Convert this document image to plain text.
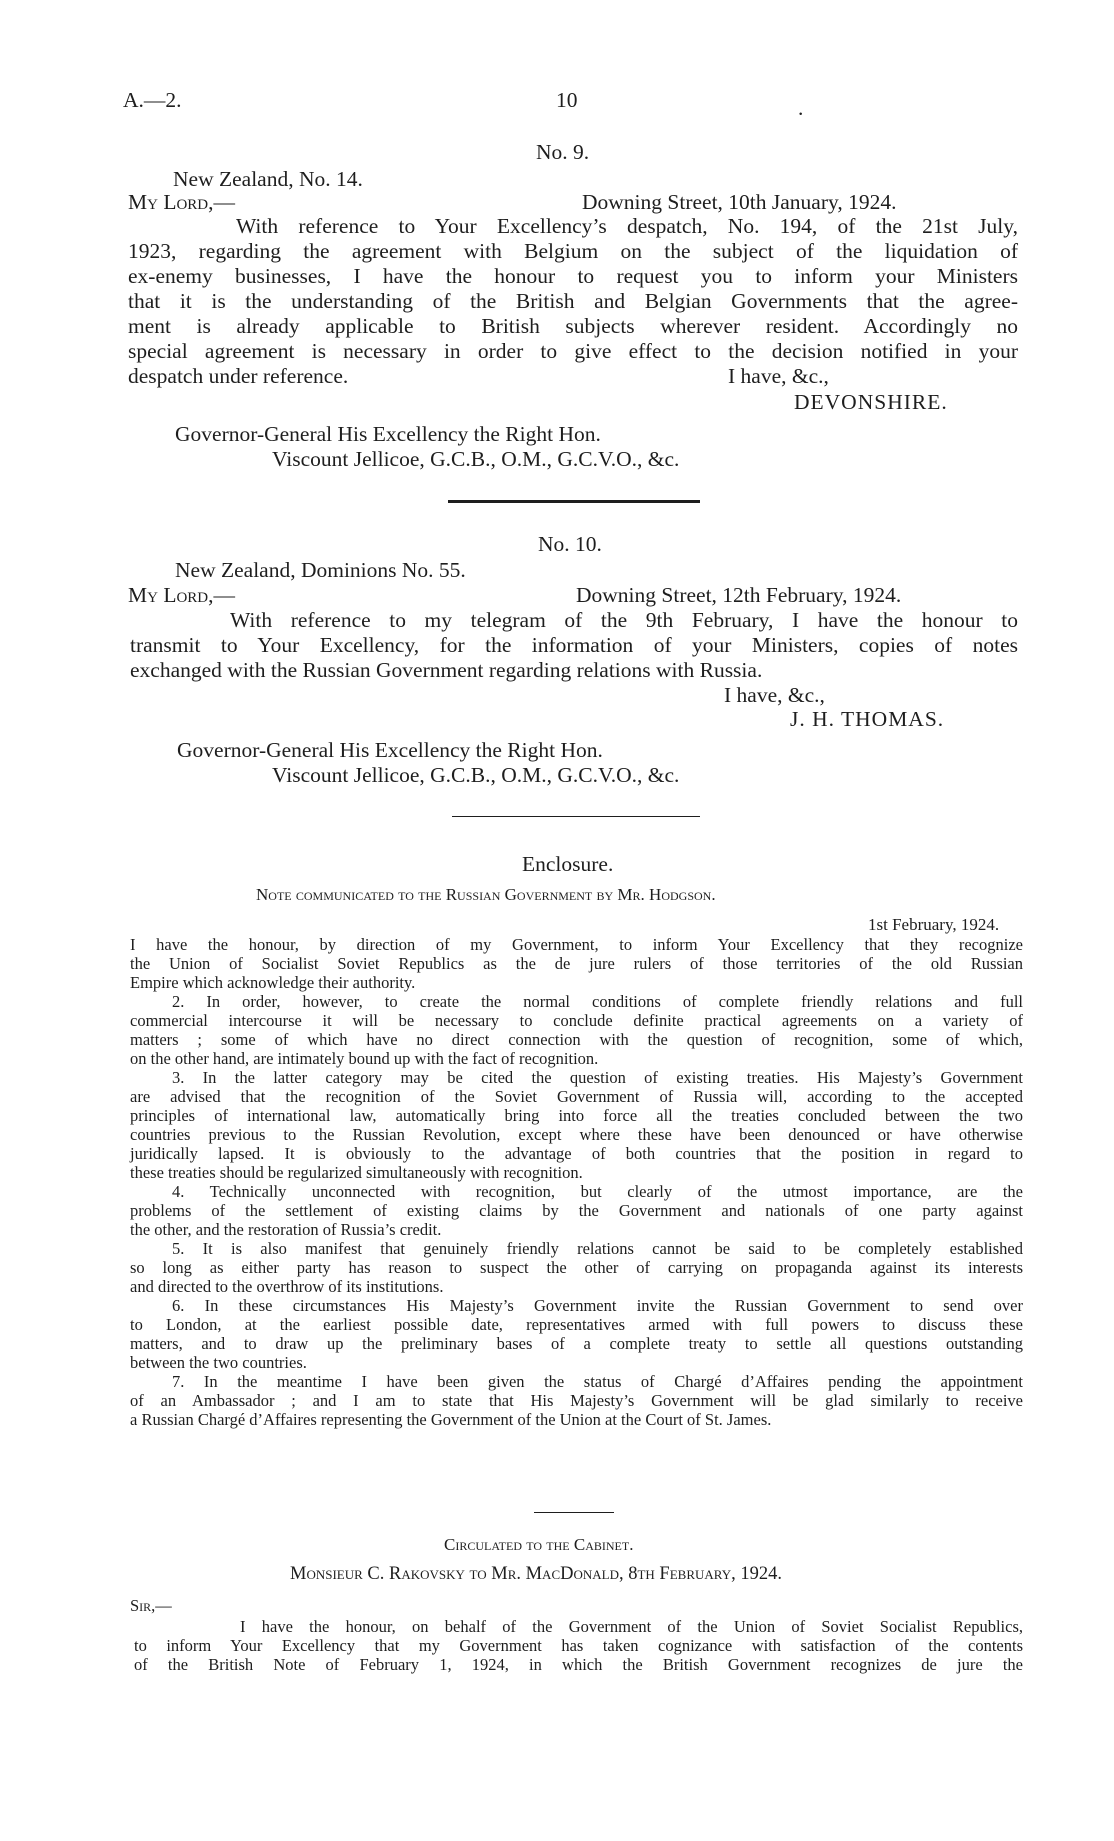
A.—2.	10	.
No. 9.
New Zealand, No. 14.
My Lord,—	Downing Street, 10th January, 1924.
With reference to Your Excellency’s despatch, No. 194, of the 21st July,
1923, regarding the agreement with Belgium on the subject of the liquidation of
ex-enemy businesses, I have the honour to request you to inform your Ministers
that it is the understanding of the British and Belgian Governments that the agree-
ment is already applicable to British subjects wherever resident. Accordingly no
special agreement is necessary in order to give effect to the decision notified in your
despatch under reference.	I have, &c.,
DEVONSHIRE.
Governor-General His Excellency the Right Hon.
Viscount Jellicoe, G.C.B., O.M., G.C.V.O., &c.
No. 10.
New Zealand, Dominions No. 55.
My Lord,—	Downing Street, 12th February, 1924.
With reference to my telegram of the 9th February, I have the honour to
transmit to Your Excellency, for the information of your Ministers, copies of notes
exchanged with the Russian Government regarding relations with Russia.
I have, &c.,
J. H. THOMAS.
Governor-General His Excellency the Right Hon.
Viscount Jellicoe, G.C.B., O.M., G.C.V.O., &c.
Enclosure.
Note communicated to the Russian Government by Mr. Hodgson.
1st February, 1924.
I have the honour, by direction of my Government, to inform Your Excellency that they recognize
the Union of Socialist Soviet Republics as the de jure rulers of those territories of the old Russian
Empire which acknowledge their authority.
2. In order, however, to create the normal conditions of complete friendly relations and full
commercial intercourse it will be necessary to conclude definite practical agreements on a variety of
matters ; some of which have no direct connection with the question of recognition, some of which,
on the other hand, are intimately bound up with the fact of recognition.
3. In the latter category may be cited the question of existing treaties. His Majesty’s Government
are advised that the recognition of the Soviet Government of Russia will, according to the accepted
principles of international law, automatically bring into force all the treaties concluded between the two
countries previous to the Russian Revolution, except where these have been denounced or have otherwise
juridically lapsed. It is obviously to the advantage of both countries that the position in regard to
these treaties should be regularized simultaneously with recognition.
4. Technically unconnected with recognition, but clearly of the utmost importance, are the
problems of the settlement of existing claims by the Government and nationals of one party against
the other, and the restoration of Russia’s credit.
5. It is also manifest that genuinely friendly relations cannot be said to be completely established
so long as either party has reason to suspect the other of carrying on propaganda against its interests
and directed to the overthrow of its institutions.
6. In these circumstances His Majesty’s Government invite the Russian Government to send over
to London, at the earliest possible date, representatives armed with full powers to discuss these
matters, and to draw up the preliminary bases of a complete treaty to settle all questions outstanding
between the two countries.
7. In the meantime I have been given the status of Chargé d’Affaires pending the appointment
of an Ambassador ; and I am to state that His Majesty’s Government will be glad similarly to receive
a Russian Chargé d’Affaires representing the Government of the Union at the Court of St. James.
Circulated to the Cabinet.
Monsieur C. Rakovsky to Mr. MacDonald, 8th February, 1924.
Sir,—
I have the honour, on behalf of the Government of the Union of Soviet Socialist Republics,
to inform Your Excellency that my Government has taken cognizance with satisfaction of the contents
of the British Note of February 1, 1924, in which the British Government recognizes de jure the
